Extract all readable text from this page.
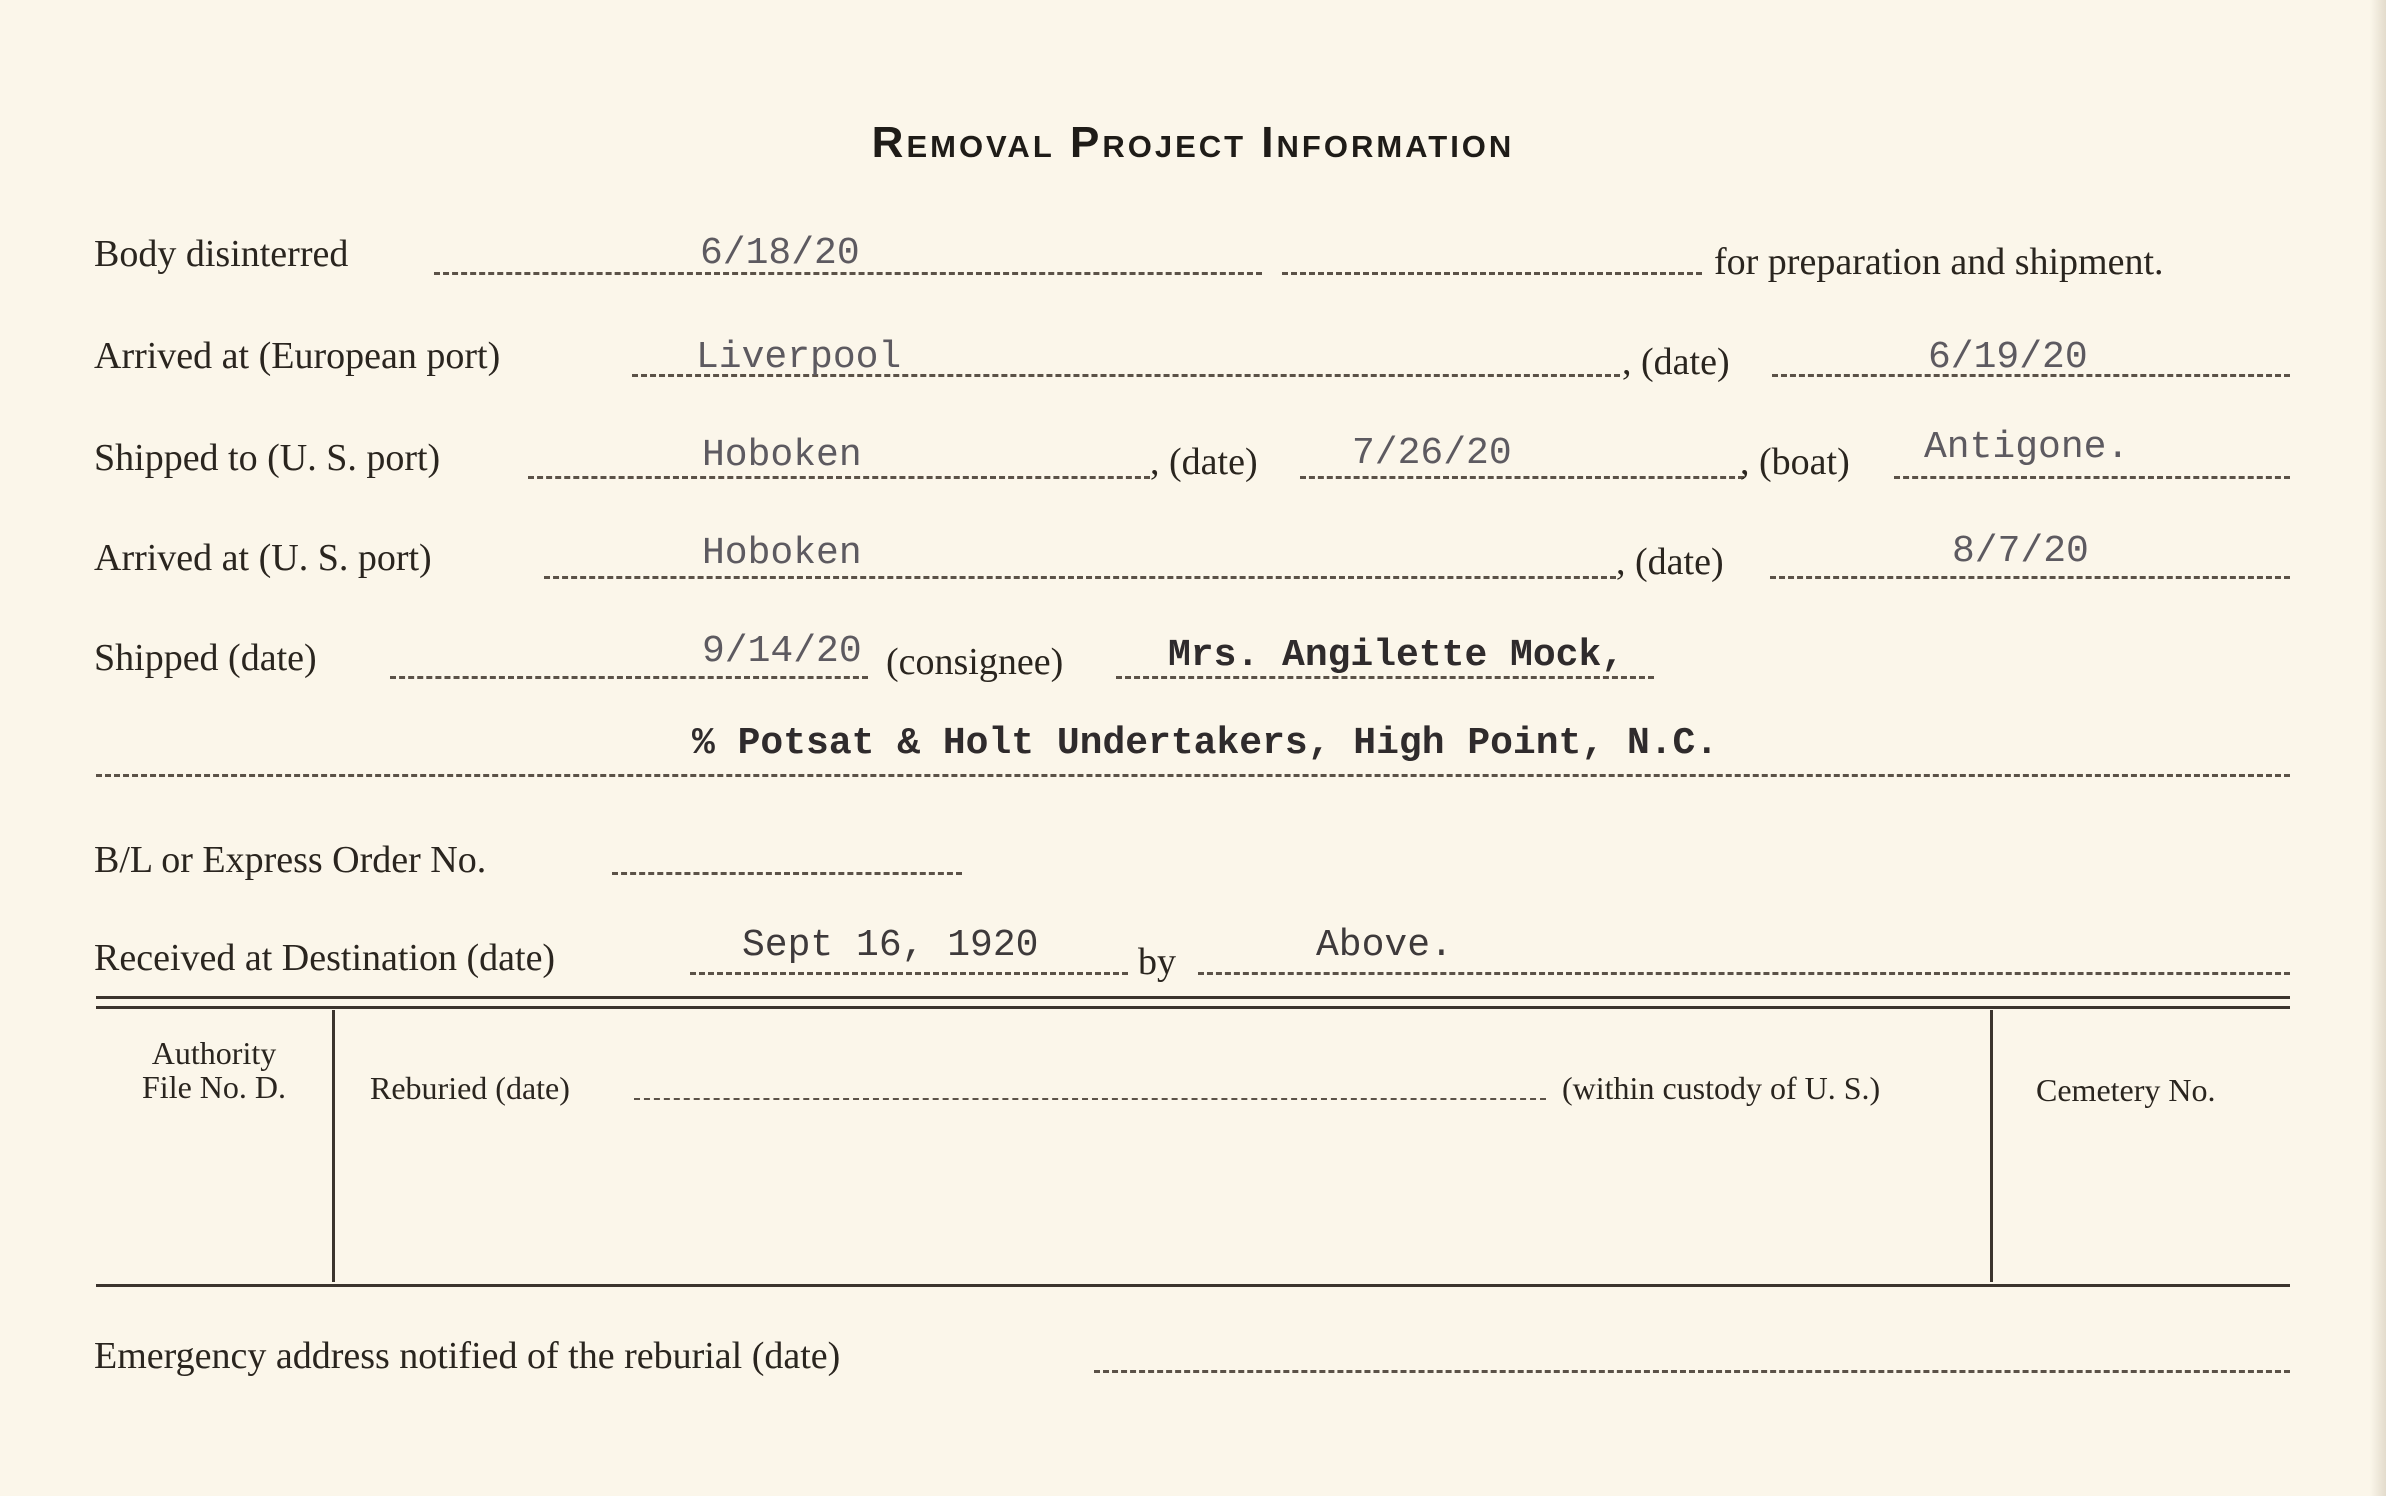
Removal Project Information
Body disinterred	6/18/20	for preparation and shipment.
Arrived at (European port)	Liverpool	, (date)	6/19/20
Shipped to (U. S. port)	Hoboken	, (date) 7/26/20	, (boat) Antigone.
Arrived at (U. S. port)	Hoboken	, (date)	8/7/20
Shipped (date)	9/14/20 (consignee)	Mrs. Angilette Mock,
% Potsat & Holt Undertakers, High Point, N.C.
B/L or Express Order No.
Received at Destination (date)	Sept 16, 1920	by	Above.
Authority
File No. D.	Reburied (date)	(within custody of U. S.)	Cemetery No.
Emergency address notified of the reburial (date)
